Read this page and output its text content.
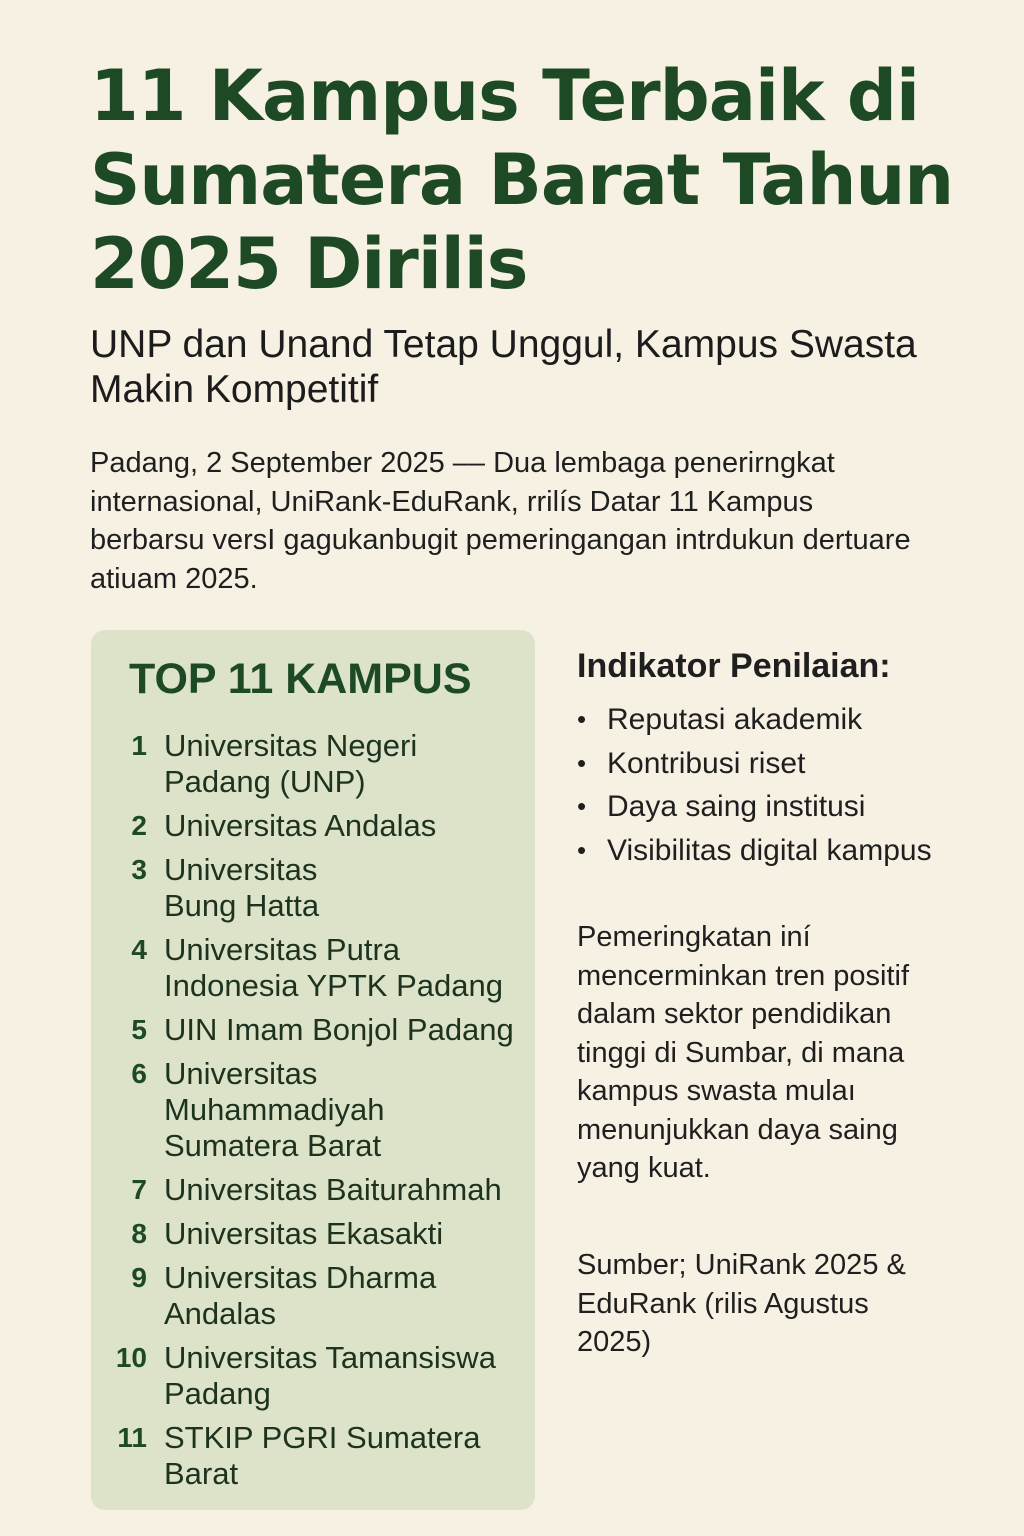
11 Kampus Terbaik di Sumatera Barat Tahun 2025 Dirilis
UNP dan Unand Tetap Unggul, Kampus Swasta Makin Kompetitif

Padang, 2 September 2025 –– Dua lembaga penerirngkat internasional, UniRank-EduRank, rrilís Datar 11 Kampus berbarsu versI gagukanbugit pemeringangan intrdukun dertuare atiuam 2025.

TOP 11 KAMPUS
1 Universitas Negeri Padang (UNP)
2 Universitas Andalas
3 Universitas Bung Hatta
4 Universitas Putra Indonesia YPTK Padang
5 UIN Imam Bonjol Padang
6 Universitas Muhammadiyah Sumatera Barat
7 Universitas Baiturahmah
8 Universitas Ekasakti
9 Universitas Dharma Andalas
10 Universitas Tamansiswa Padang
11 STKIP PGRI Sumatera Barat
Indikator Penilaian:
• Reputasi akademik
• Kontribusi riset
• Daya saing institusi
• Visibilitas digital kampus

Pemeringkatan iní mencerminkan tren positif dalam sektor pendidikan tinggi di Sumbar, di mana kampus swasta mulaı menunjukkan daya saing yang kuat.

Sumber; UniRank 2025 & EduRank (rilis Agustus 2025)
